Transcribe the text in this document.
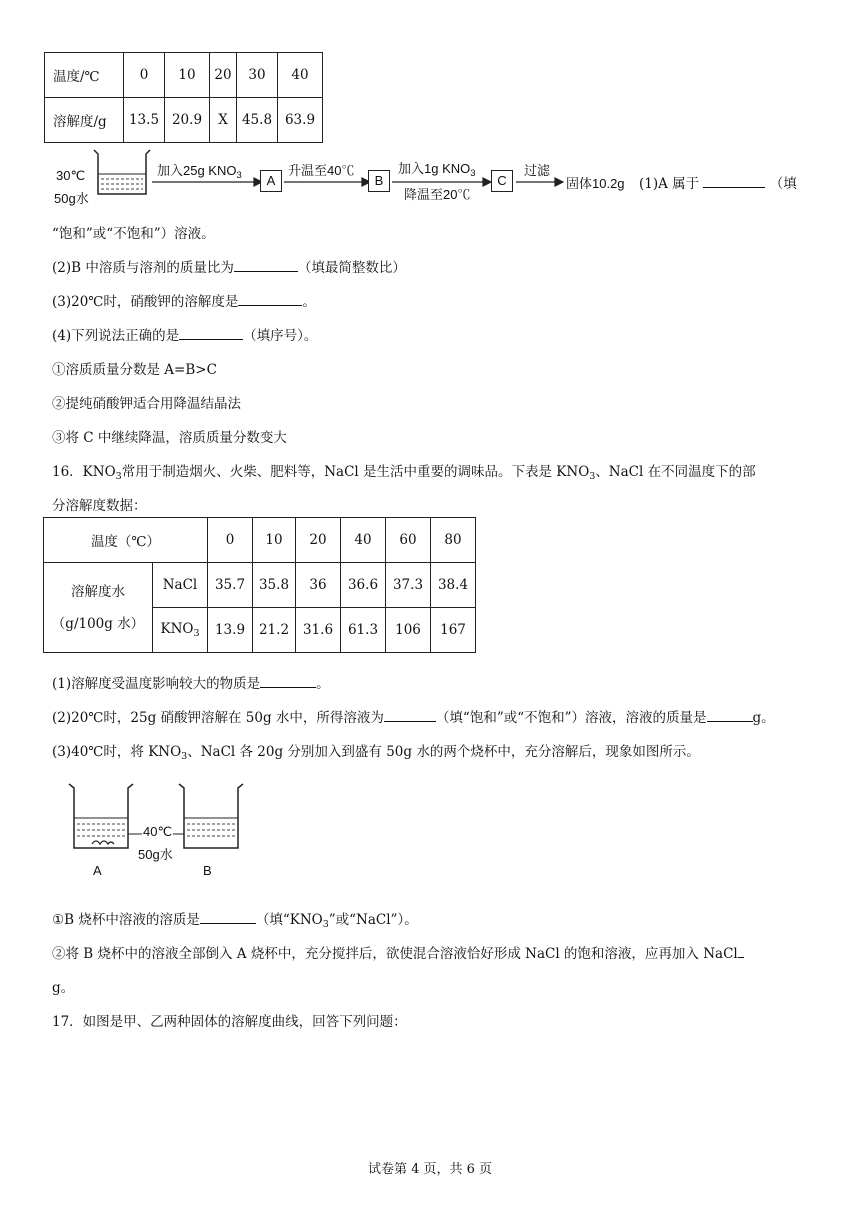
温度/℃	0	10	20	30	40
溶解度/g	13.5	20.9	X	45.8	63.9
30℃
50g水
加入25g $KNO_3$	A
升温至40℃
B
加入1g $KNO_3$
降温至20℃
C
过滤
固体10.2g (1)A 属于	（填
“饱和”或“不饱和”）溶液。
(2)B 中溶质与溶剂的质量比为	（填最简整数比）
(3)20℃时，硝酸钾的溶解度是	。
(4)下列说法正确的是	（填序号）。
①溶质质量分数是 A=B>C
②提纯硝酸钾适合用降温结晶法
③将 C 中继续降温，溶质质量分数变大
16．$KNO_3$常用于制造烟火、火柴、肥料等，NaCl 是生活中重要的调味品。下表是 $KNO_3$、NaCl 在不同温度下的部
分溶解度数据：
温度（℃）		0	10	20	40	60	80

溶解度水
（g/100g 水）	NaCl	35.7	35.8	36	36.6	37.3	38.4
	$KNO_3$	13.9	21.2	31.6	61.3	106	167
(1)溶解度受温度影响较大的物质是	。
(2)20℃时，25g 硝酸钾溶解在 50g 水中，所得溶液为	（填“饱和”或“不饱和”）溶液，溶液的质量是	g。
(3)40℃时，将 $KNO_3$、NaCl 各 20g 分别加入到盛有 50g 水的两个烧杯中，充分溶解后，现象如图所示。
40℃
50g水
A	B
①B 烧杯中溶液的溶质是	（填“$KNO_3$”或“NaCl”）。
②将 B 烧杯中的溶液全部倒入 A 烧杯中，充分搅拌后，欲使混合溶液恰好形成 NaCl 的饱和溶液，应再加入 NaCl
g。
17．如图是甲、乙两种固体的溶解度曲线，回答下列问题：
试卷第 4 页，共 6 页
